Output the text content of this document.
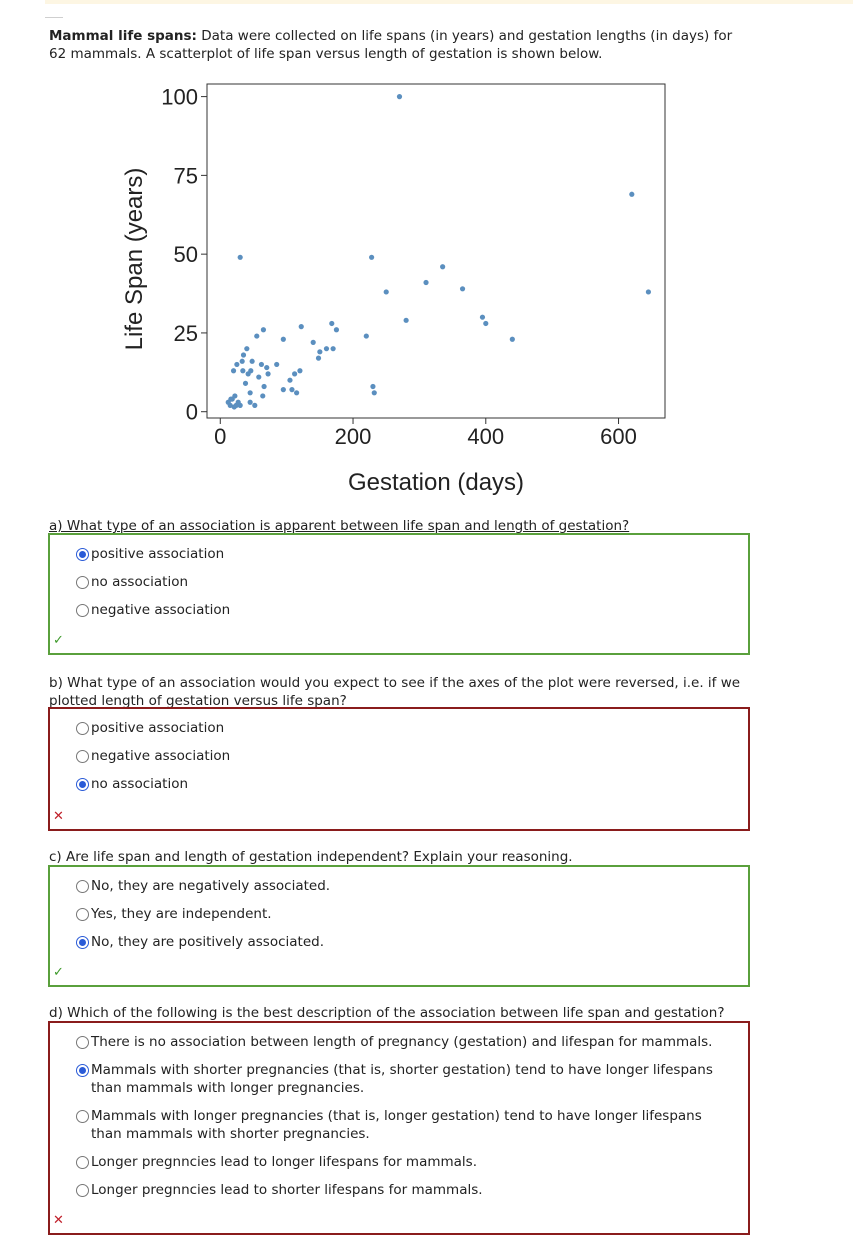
Mammal life spans: Data were collected on life spans (in years) and gestation lengths (in days) for 62 mammals. A scatterplot of life span versus length of gestation is shown below.
0
25
50
75
100
0	200	400	600
Gestation (days)
Life Span (years)
a) What type of an association is apparent between life span and length of gestation?
positive association
no association
negative association
✓
b) What type of an association would you expect to see if the axes of the plot were reversed, i.e. if we plotted length of gestation versus life span?
positive association
negative association
no association
✕
c) Are life span and length of gestation independent? Explain your reasoning.
No, they are negatively associated.
Yes, they are independent.
No, they are positively associated.
✓
d) Which of the following is the best description of the association between life span and gestation?
There is no association between length of pregnancy (gestation) and lifespan for mammals.
Mammals with shorter pregnancies (that is, shorter gestation) tend to have longer lifespans than mammals with longer pregnancies.
Mammals with longer pregnancies (that is, longer gestation) tend to have longer lifespans than mammals with shorter pregnancies.
Longer pregnncies lead to longer lifespans for mammals.
Longer pregnncies lead to shorter lifespans for mammals.
✕
